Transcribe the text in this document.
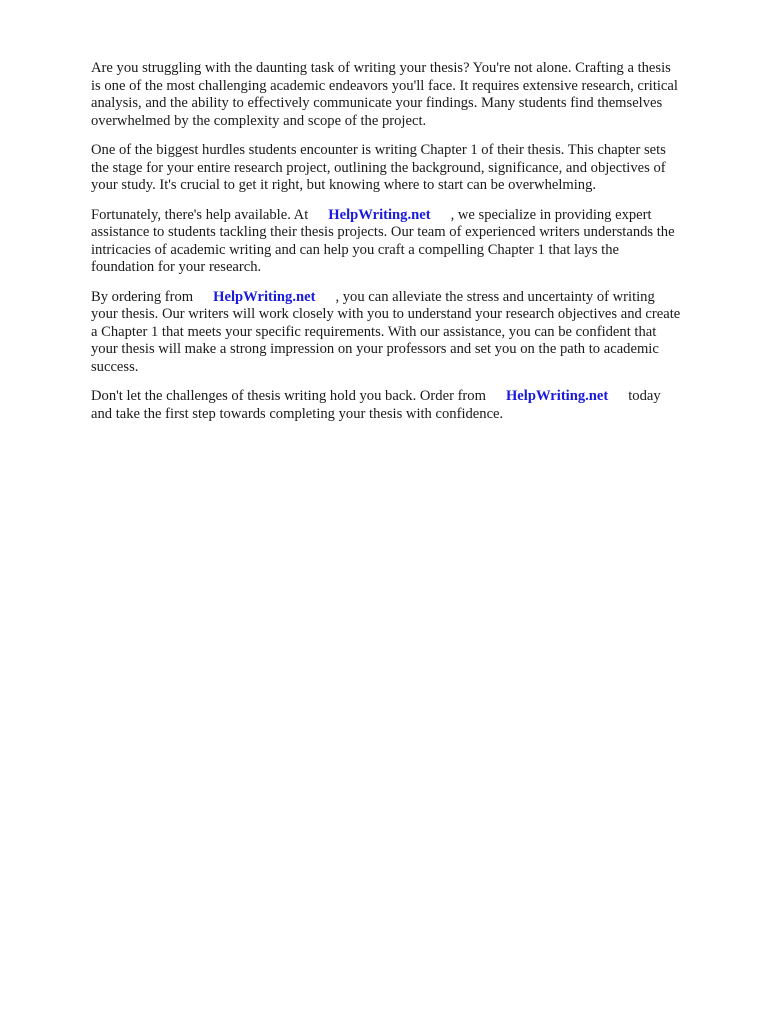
Are you struggling with the daunting task of writing your thesis? You're not alone. Crafting a thesis
is one of the most challenging academic endeavors you'll face. It requires extensive research, critical
analysis, and the ability to effectively communicate your findings. Many students find themselves
overwhelmed by the complexity and scope of the project.

One of the biggest hurdles students encounter is writing Chapter 1 of their thesis. This chapter sets
the stage for your entire research project, outlining the background, significance, and objectives of
your study. It's crucial to get it right, but knowing where to start can be overwhelming.

Fortunately, there's help available. At HelpWriting.net , we specialize in providing expert
assistance to students tackling their thesis projects. Our team of experienced writers understands the
intricacies of academic writing and can help you craft a compelling Chapter 1 that lays the
foundation for your research.

By ordering from HelpWriting.net , you can alleviate the stress and uncertainty of writing
your thesis. Our writers will work closely with you to understand your research objectives and create
a Chapter 1 that meets your specific requirements. With our assistance, you can be confident that
your thesis will make a strong impression on your professors and set you on the path to academic
success.

Don't let the challenges of thesis writing hold you back. Order from HelpWriting.net today
and take the first step towards completing your thesis with confidence.
